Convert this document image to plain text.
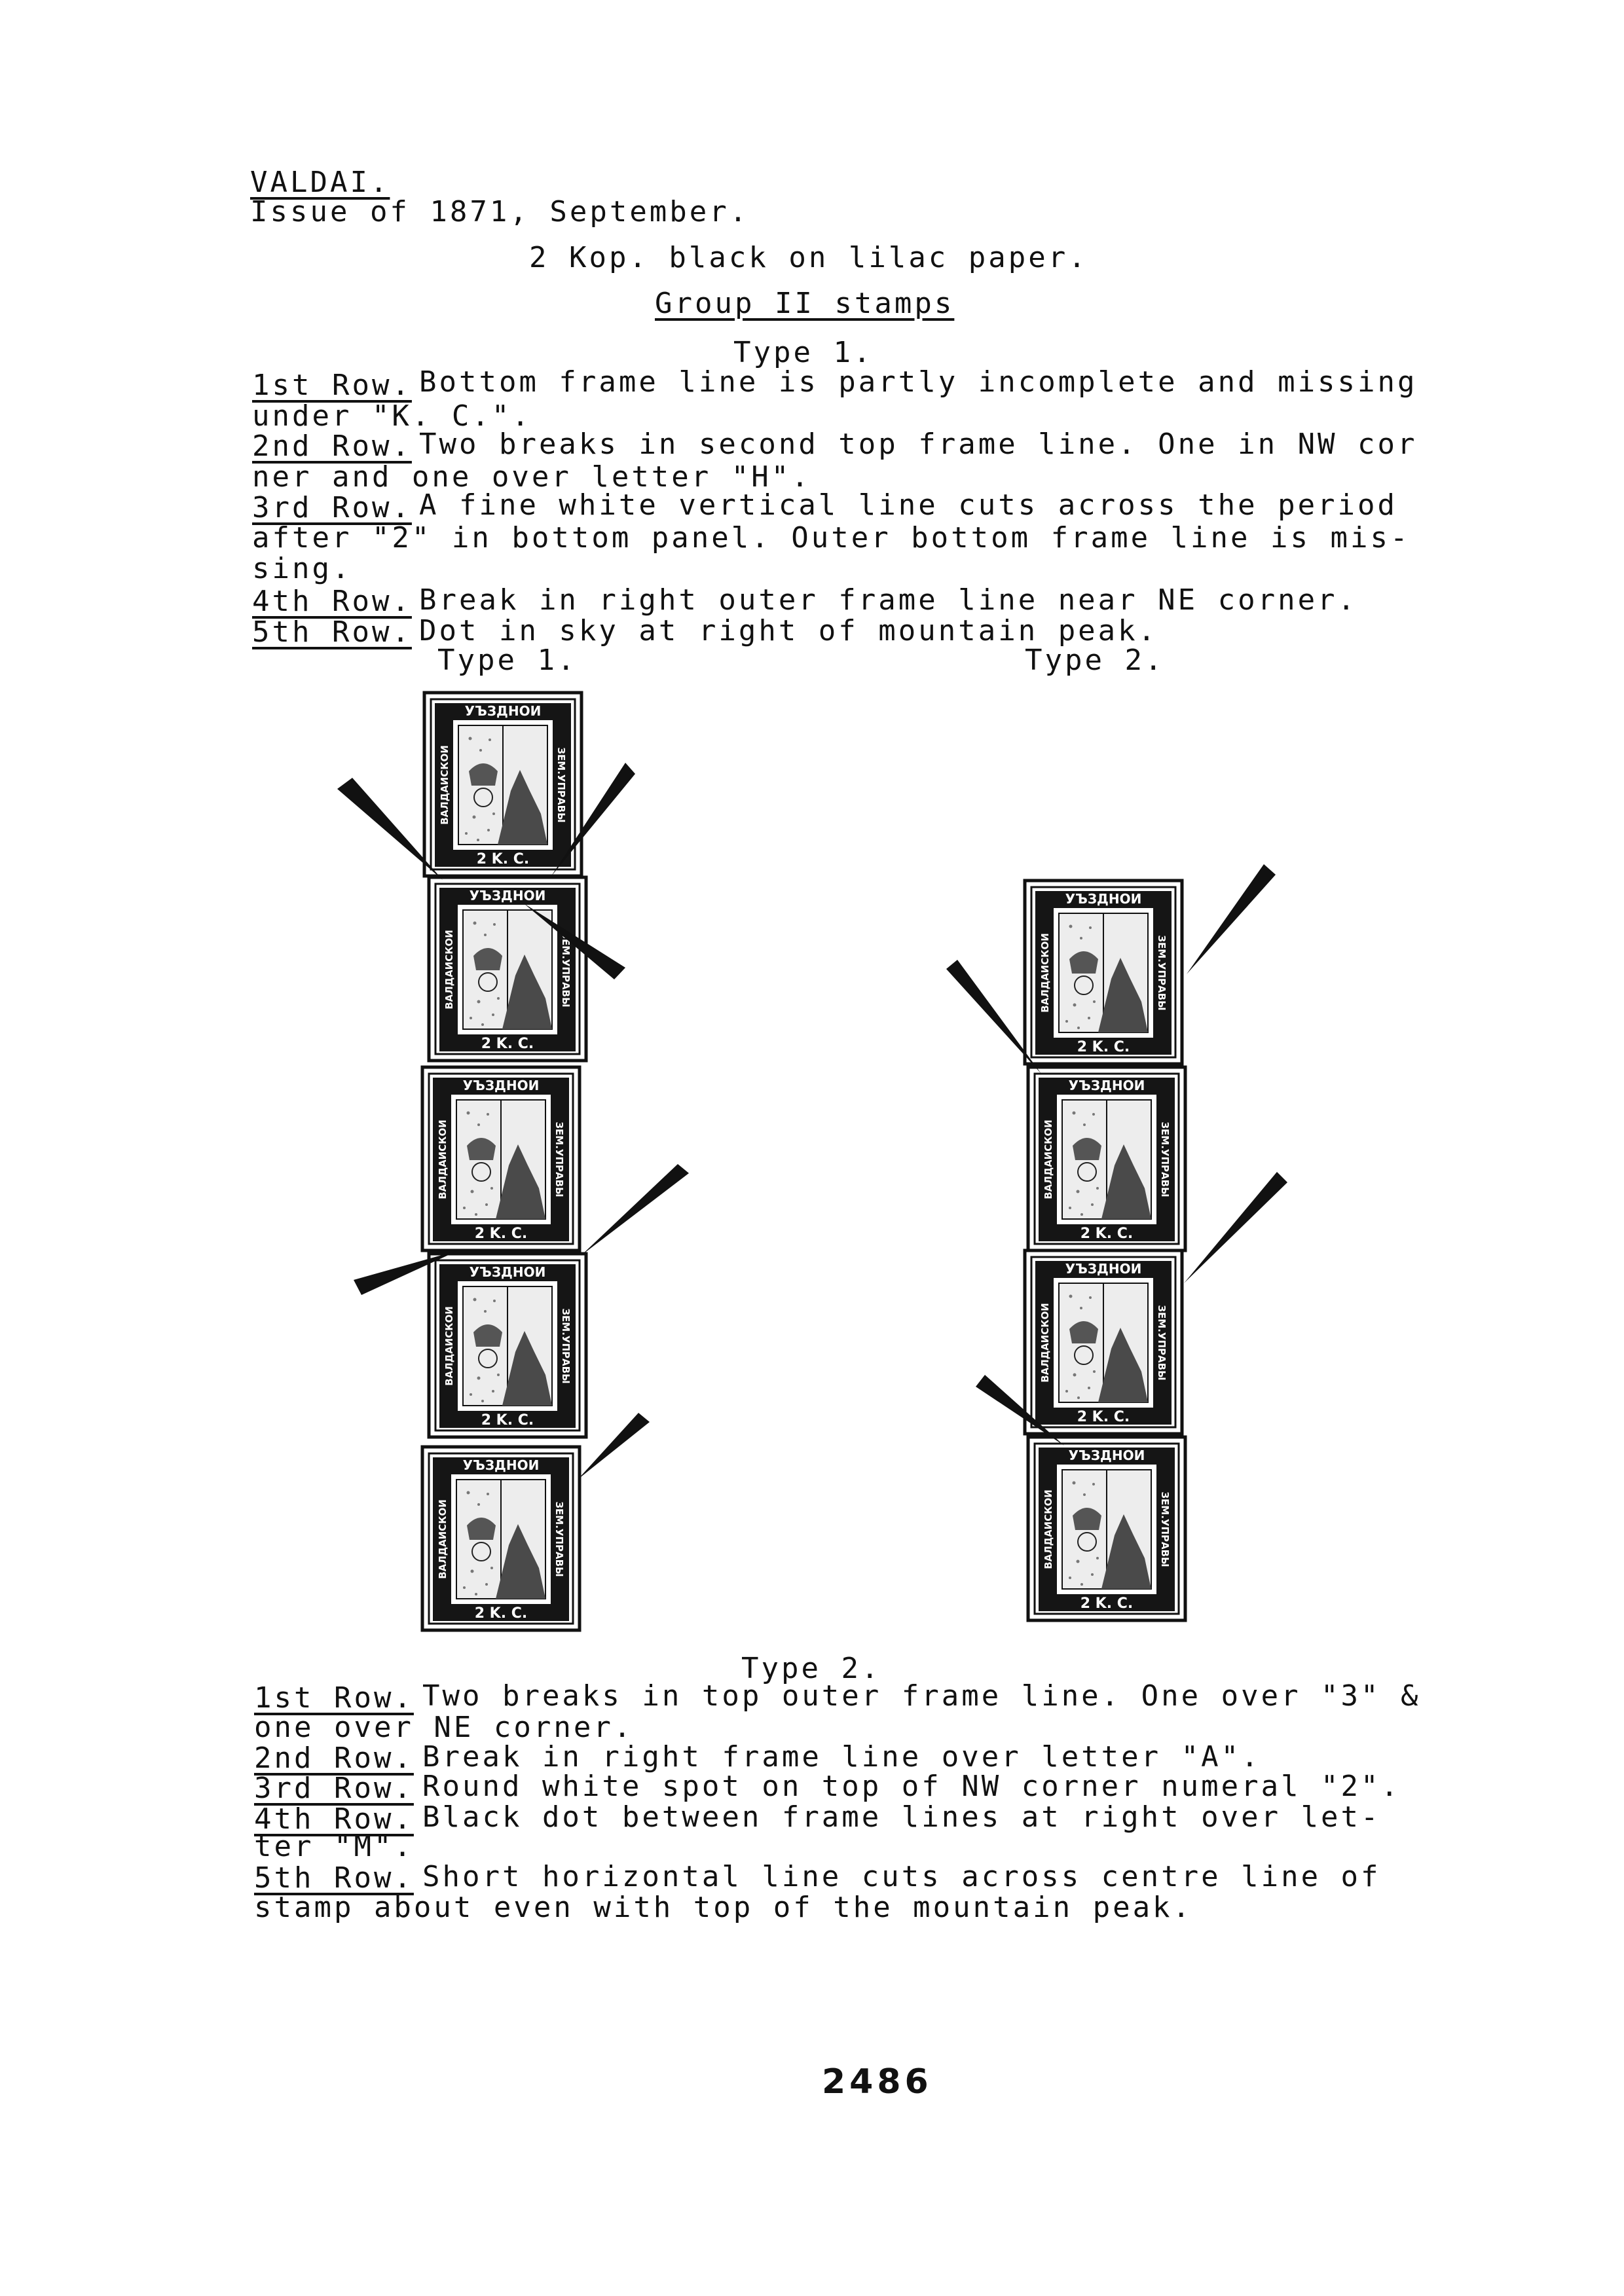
VALDAI.
Issue of 1871, September.
2 Kop. black on lilac paper.
Group II stamps
Type 1.
1st Row. Bottom frame line is partly incomplete and missing
under "K. C.".
2nd Row. Two breaks in second top frame line. One in NW cor
ner and one over letter "H".
3rd Row. A fine white vertical line cuts across the period
after "2" in bottom panel. Outer bottom frame line is mis-
sing.
4th Row. Break in right outer frame line near NE corner.
5th Row. Dot in sky at right of mountain peak.
Type 1.	Type 2.
УЪЗДНОИ
ВАЛДАИСКОИ	ЗЕМ.УПРАВЫ
2 K. C.
УЪЗДНОИ
ВАЛДАИСКОИ	ЗЕМ.УПРАВЫ
2 K. C.
УЪЗДНОИ
ВАЛДАИСКОИ	ЗЕМ.УПРАВЫ
2 K. C.
УЪЗДНОИ
ВАЛДАИСКОИ	ЗЕМ.УПРАВЫ
2 K. C.
УЪЗДНОИ
ВАЛДАИСКОИ	ЗЕМ.УПРАВЫ
2 K. C.
УЪЗДНОИ
ВАЛДАИСКОИ	ЗЕМ.УПРАВЫ
2 K. C.
УЪЗДНОИ
ВАЛДАИСКОИ	ЗЕМ.УПРАВЫ
2 K. C.
УЪЗДНОИ
ВАЛДАИСКОИ	ЗЕМ.УПРАВЫ
2 K. C.
УЪЗДНОИ
ВАЛДАИСКОИ	ЗЕМ.УПРАВЫ
2 K. C.
Type 2.
1st Row. Two breaks in top outer frame line. One over "3" &
one over NE corner.
2nd Row. Break in right frame line over letter "A".
3rd Row. Round white spot on top of NW corner numeral "2".
4th Row. Black dot between frame lines at right over let-
ter "M".
5th Row. Short horizontal line cuts across centre line of
stamp about even with top of the mountain peak.
2486
